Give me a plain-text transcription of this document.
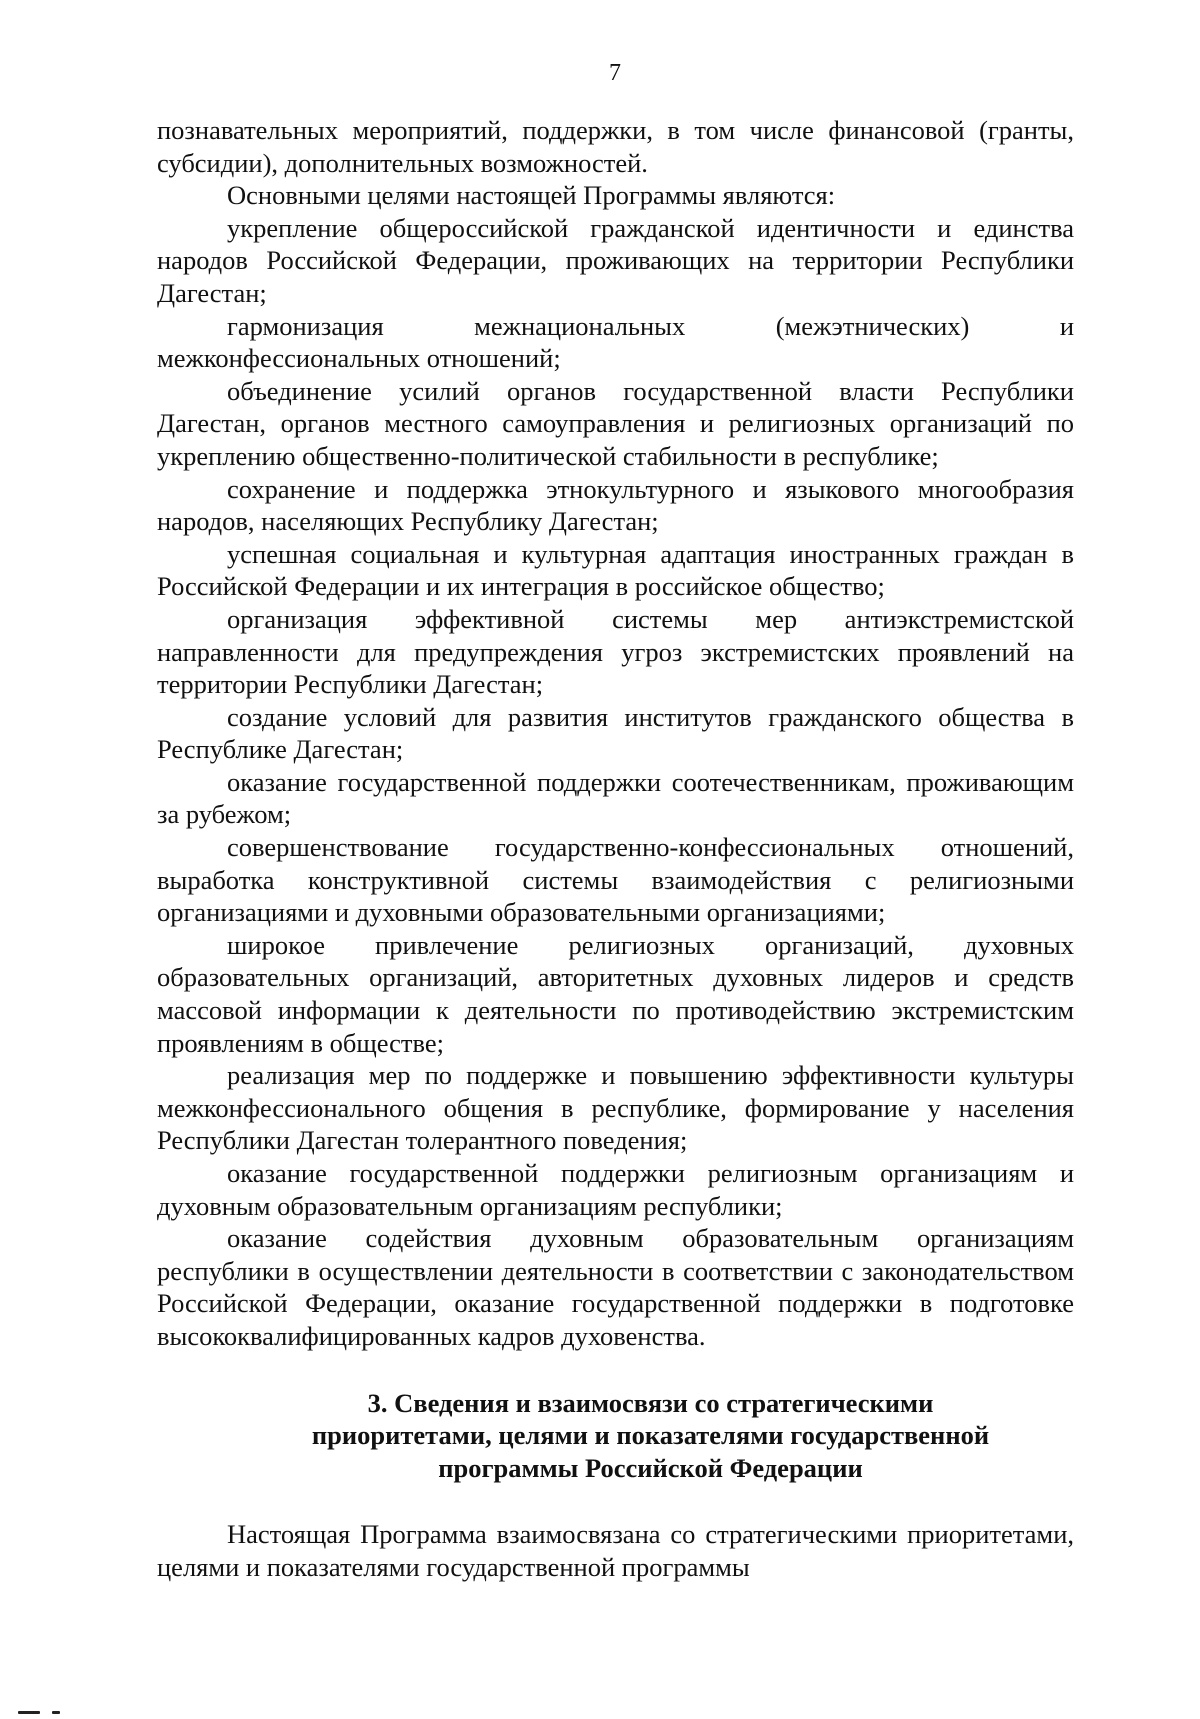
7

познавательных мероприятий, поддержки, в том числе финансовой (гранты, субсидии), дополнительных возможностей.

Основными целями настоящей Программы являются:

укрепление общероссийской гражданской идентичности и единства народов Российской Федерации, проживающих на территории Республики Дагестан;

гармонизация межнациональных (межэтнических) и межконфессиональных отношений;

объединение усилий органов государственной власти Республики Дагестан, органов местного самоуправления и религиозных организаций по укреплению общественно-политической стабильности в республике;

сохранение и поддержка этнокультурного и языкового многообразия народов, населяющих Республику Дагестан;

успешная социальная и культурная адаптация иностранных граждан в Российской Федерации и их интеграция в российское общество;

организация эффективной системы мер антиэкстремистской направленности для предупреждения угроз экстремистских проявлений на территории Республики Дагестан;

создание условий для развития институтов гражданского общества в Республике Дагестан;

оказание государственной поддержки соотечественникам, проживающим за рубежом;

совершенствование государственно-конфессиональных отношений, выработка конструктивной системы взаимодействия с религиозными организациями и духовными образовательными организациями;

широкое привлечение религиозных организаций, духовных образовательных организаций, авторитетных духовных лидеров и средств массовой информации к деятельности по противодействию экстремистским проявлениям в обществе;

реализация мер по поддержке и повышению эффективности культуры межконфессионального общения в республике, формирование у населения Республики Дагестан толерантного поведения;

оказание государственной поддержки религиозным организациям и духовным образовательным организациям республики;

оказание содействия духовным образовательным организациям республики в осуществлении деятельности в соответствии с законодательством Российской Федерации, оказание государственной поддержки в подготовке высококвалифицированных кадров духовенства.

3. Сведения и взаимосвязи со стратегическими
приоритетами, целями и показателями государственной
программы Российской Федерации

Настоящая Программа взаимосвязана со стратегическими приоритетами, целями и показателями государственной программы
